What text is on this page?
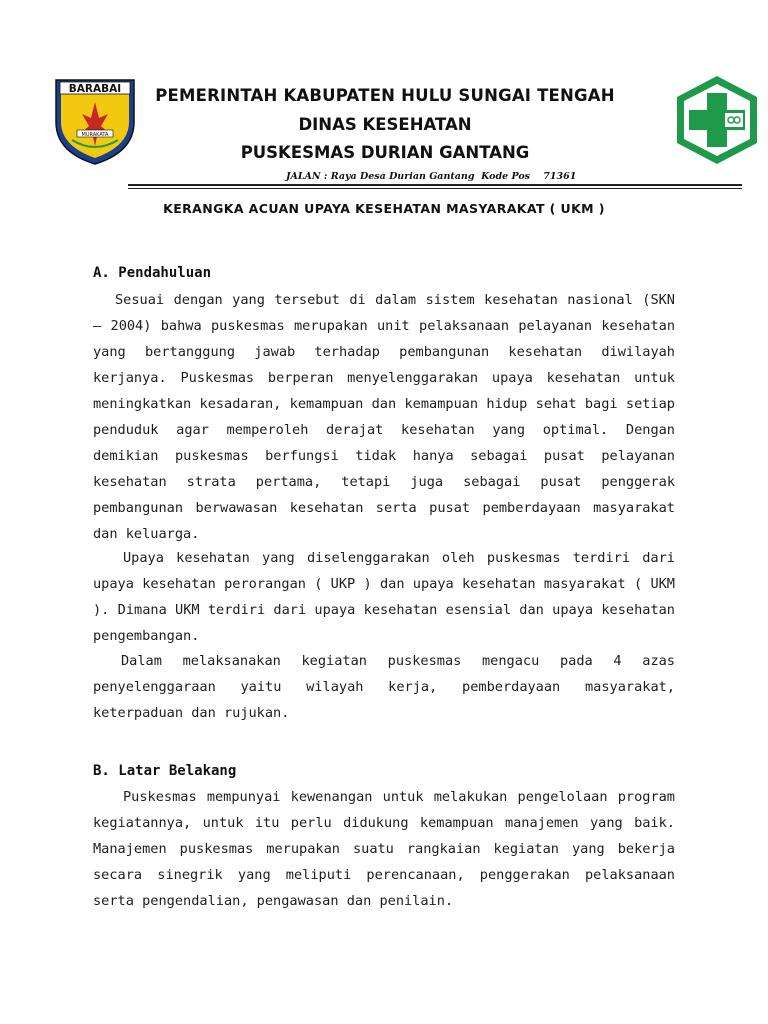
BARABAI
MURAKATA
PEMERINTAH KABUPATEN HULU SUNGAI TENGAH
DINAS KESEHATAN
PUSKESMAS DURIAN GANTANG
JALAN : Raya Desa Durian Gantang  Kode Pos    71361
KERANGKA ACUAN UPAYA KESEHATAN MASYARAKAT ( UKM )
A. Pendahuluan

Sesuai dengan yang tersebut di dalam sistem kesehatan nasional (SKN – 2004) bahwa puskesmas merupakan unit pelaksanaan pelayanan kesehatan yang bertanggung jawab terhadap pembangunan kesehatan diwilayah kerjanya. Puskesmas berperan menyelenggarakan upaya kesehatan untuk meningkatkan kesadaran, kemampuan dan kemampuan hidup sehat bagi setiap penduduk agar memperoleh derajat kesehatan yang optimal. Dengan demikian puskesmas berfungsi tidak hanya sebagai pusat pelayanan kesehatan strata pertama, tetapi juga sebagai pusat penggerak pembangunan berwawasan kesehatan serta pusat pemberdayaan masyarakat dan keluarga.

Upaya kesehatan yang diselenggarakan oleh puskesmas terdiri dari upaya kesehatan perorangan ( UKP ) dan upaya kesehatan masyarakat ( UKM ). Dimana UKM terdiri dari upaya kesehatan esensial dan upaya kesehatan pengembangan.

Dalam melaksanakan kegiatan puskesmas mengacu pada 4 azas penyelenggaraan yaitu wilayah kerja, pemberdayaan masyarakat, keterpaduan dan rujukan.

B. Latar Belakang

Puskesmas mempunyai kewenangan untuk melakukan pengelolaan program kegiatannya, untuk itu perlu didukung kemampuan manajemen yang baik. Manajemen puskesmas merupakan suatu rangkaian kegiatan yang bekerja secara sinegrik yang meliputi perencanaan, penggerakan pelaksanaan serta pengendalian, pengawasan dan penilain.
